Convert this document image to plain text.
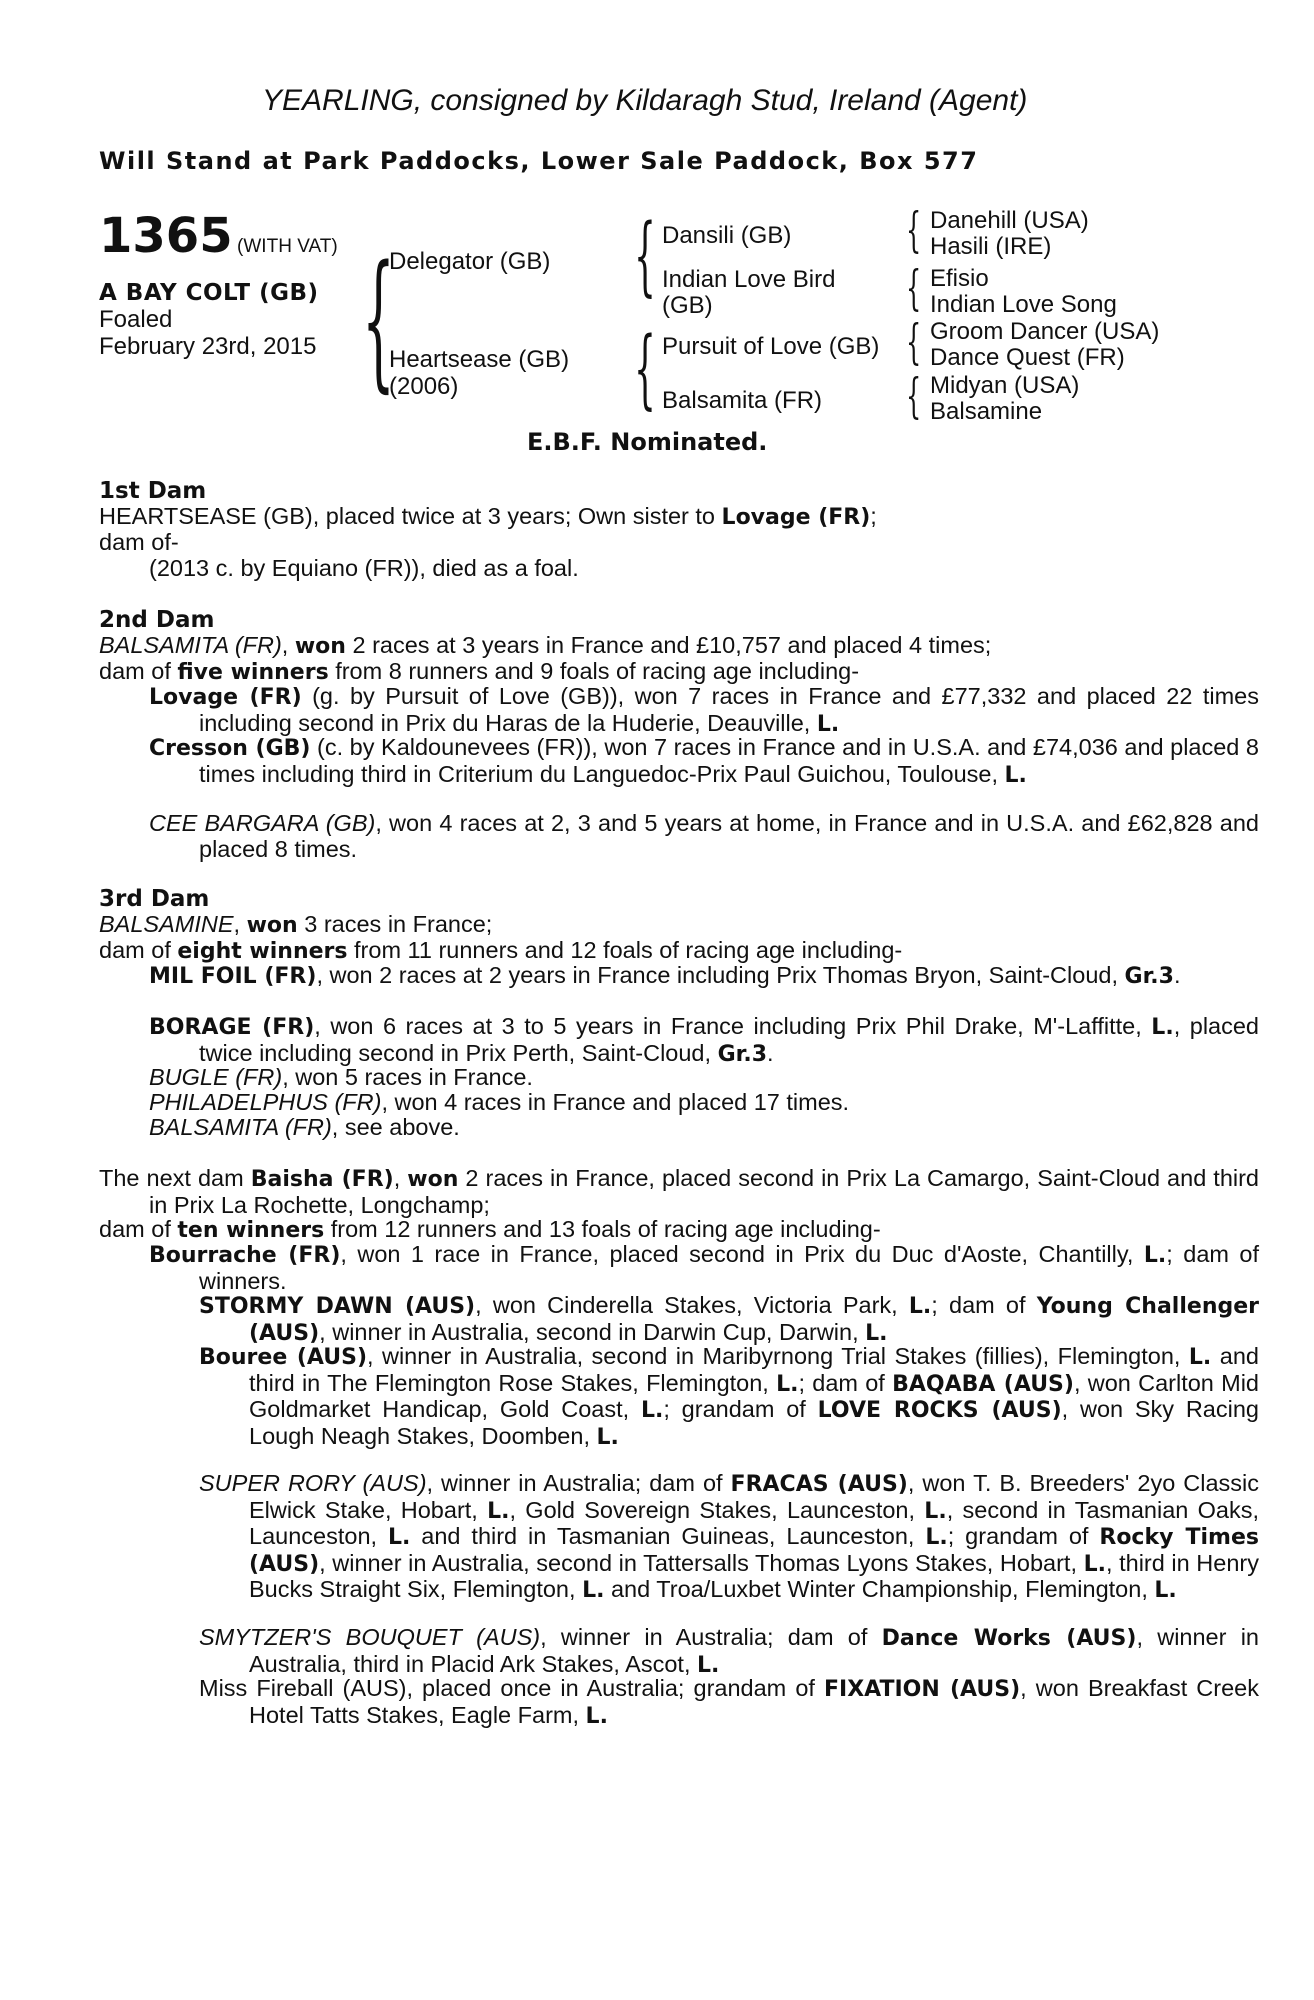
YEARLING, consigned by Kildaragh Stud, Ireland (Agent)
Will Stand at Park Paddocks, Lower Sale Paddock, Box 577
1365 (WITH VAT)
A BAY COLT (GB)
Foaled
February 23rd, 2015 {
Delegator (GB)
Heartsease (GB)
(2006)
{ Dansili (GB)
Indian Love Bird
(GB)
{ Pursuit of Love (GB)
Balsamita (FR)
{ Danehill (USA)
Hasili (IRE)
{ Efisio
Indian Love Song
{ Groom Dancer (USA)
Dance Quest (FR)
{ Midyan (USA)
Balsamine
E.B.F. Nominated.
1st Dam
HEARTSEASE (GB), placed twice at 3 years; Own sister to Lovage (FR);
dam of-
(2013 c. by Equiano (FR)), died as a foal.
2nd Dam
BALSAMITA (FR), won 2 races at 3 years in France and £10,757 and placed 4 times;
dam of five winners from 8 runners and 9 foals of racing age including-
Lovage (FR) (g. by Pursuit of Love (GB)), won 7 races in France and £77,332 and placed 22 times including second in Prix du Haras de la Huderie, Deauville, L.
Cresson (GB) (c. by Kaldounevees (FR)), won 7 races in France and in U.S.A. and £74,036 and placed 8 times including third in Criterium du Languedoc-Prix Paul Guichou, Toulouse, L.
CEE BARGARA (GB), won 4 races at 2, 3 and 5 years at home, in France and in U.S.A. and £62,828 and placed 8 times.
3rd Dam
BALSAMINE, won 3 races in France;
dam of eight winners from 11 runners and 12 foals of racing age including-
MIL FOIL (FR), won 2 races at 2 years in France including Prix Thomas Bryon, Saint-Cloud, Gr.3.
BORAGE (FR), won 6 races at 3 to 5 years in France including Prix Phil Drake, M'-Laffitte, L., placed twice including second in Prix Perth, Saint-Cloud, Gr.3.
BUGLE (FR), won 5 races in France.
PHILADELPHUS (FR), won 4 races in France and placed 17 times.
BALSAMITA (FR), see above.
The next dam Baisha (FR), won 2 races in France, placed second in Prix La Camargo, Saint-Cloud and third in Prix La Rochette, Longchamp;
dam of ten winners from 12 runners and 13 foals of racing age including-
Bourrache (FR), won 1 race in France, placed second in Prix du Duc d'Aoste, Chantilly, L.; dam of winners.
STORMY DAWN (AUS), won Cinderella Stakes, Victoria Park, L.; dam of Young Challenger (AUS), winner in Australia, second in Darwin Cup, Darwin, L.
Bouree (AUS), winner in Australia, second in Maribyrnong Trial Stakes (fillies), Flemington, L. and third in The Flemington Rose Stakes, Flemington, L.; dam of BAQABA (AUS), won Carlton Mid Goldmarket Handicap, Gold Coast, L.; grandam of LOVE ROCKS (AUS), won Sky Racing Lough Neagh Stakes, Doomben, L.
SUPER RORY (AUS), winner in Australia; dam of FRACAS (AUS), won T. B. Breeders' 2yo Classic Elwick Stake, Hobart, L., Gold Sovereign Stakes, Launceston, L., second in Tasmanian Oaks, Launceston, L. and third in Tasmanian Guineas, Launceston, L.; grandam of Rocky Times (AUS), winner in Australia, second in Tattersalls Thomas Lyons Stakes, Hobart, L., third in Henry Bucks Straight Six, Flemington, L. and Troa/Luxbet Winter Championship, Flemington, L.
SMYTZER'S BOUQUET (AUS), winner in Australia; dam of Dance Works (AUS), winner in Australia, third in Placid Ark Stakes, Ascot, L.
Miss Fireball (AUS), placed once in Australia; grandam of FIXATION (AUS), won Breakfast Creek Hotel Tatts Stakes, Eagle Farm, L.
